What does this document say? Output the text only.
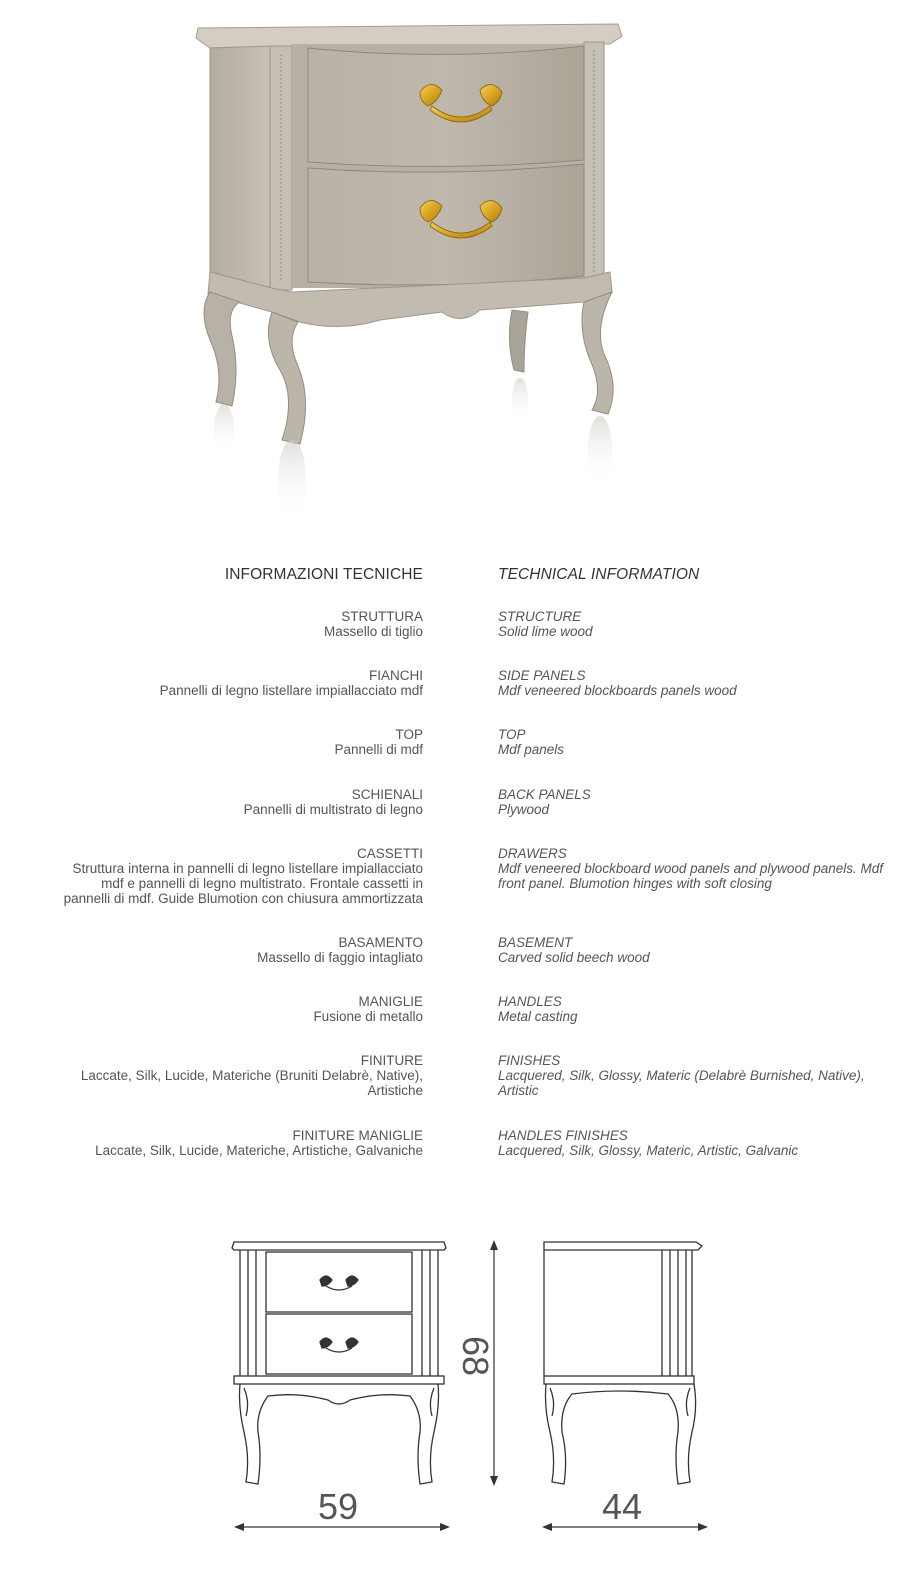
INFORMAZIONI TECNICHE	TECHNICAL INFORMATION
STRUTTURA
Massello di tiglio
FIANCHI
Pannelli di legno listellare impiallacciato mdf
TOP
Pannelli di mdf
SCHIENALI
Pannelli di multistrato di legno
CASSETTI
Struttura interna in pannelli di legno listellare impiallacciato mdf e pannelli di legno multistrato. Frontale cassetti in pannelli di mdf. Guide Blumotion con chiusura ammortizzata
BASAMENTO
Massello di faggio intagliato
MANIGLIE
Fusione di metallo
FINITURE
Laccate, Silk, Lucide, Materiche (Bruniti Delabrè, Native), Artistiche
FINITURE MANIGLIE
Laccate, Silk, Lucide, Materiche, Artistiche, Galvaniche
STRUCTURE
Solid lime wood
SIDE PANELS
Mdf veneered blockboards panels wood
TOP
Mdf panels
BACK PANELS
Plywood
DRAWERS
Mdf veneered blockboard wood panels and plywood panels. Mdf front panel. Blumotion hinges with soft closing
BASEMENT
Carved solid beech wood
HANDLES
Metal casting
FINISHES
Lacquered, Silk, Glossy, Materic (Delabrè Burnished, Native), Artistic
HANDLES FINISHES
Lacquered, Silk, Glossy, Materic, Artistic, Galvanic
68
59	44
